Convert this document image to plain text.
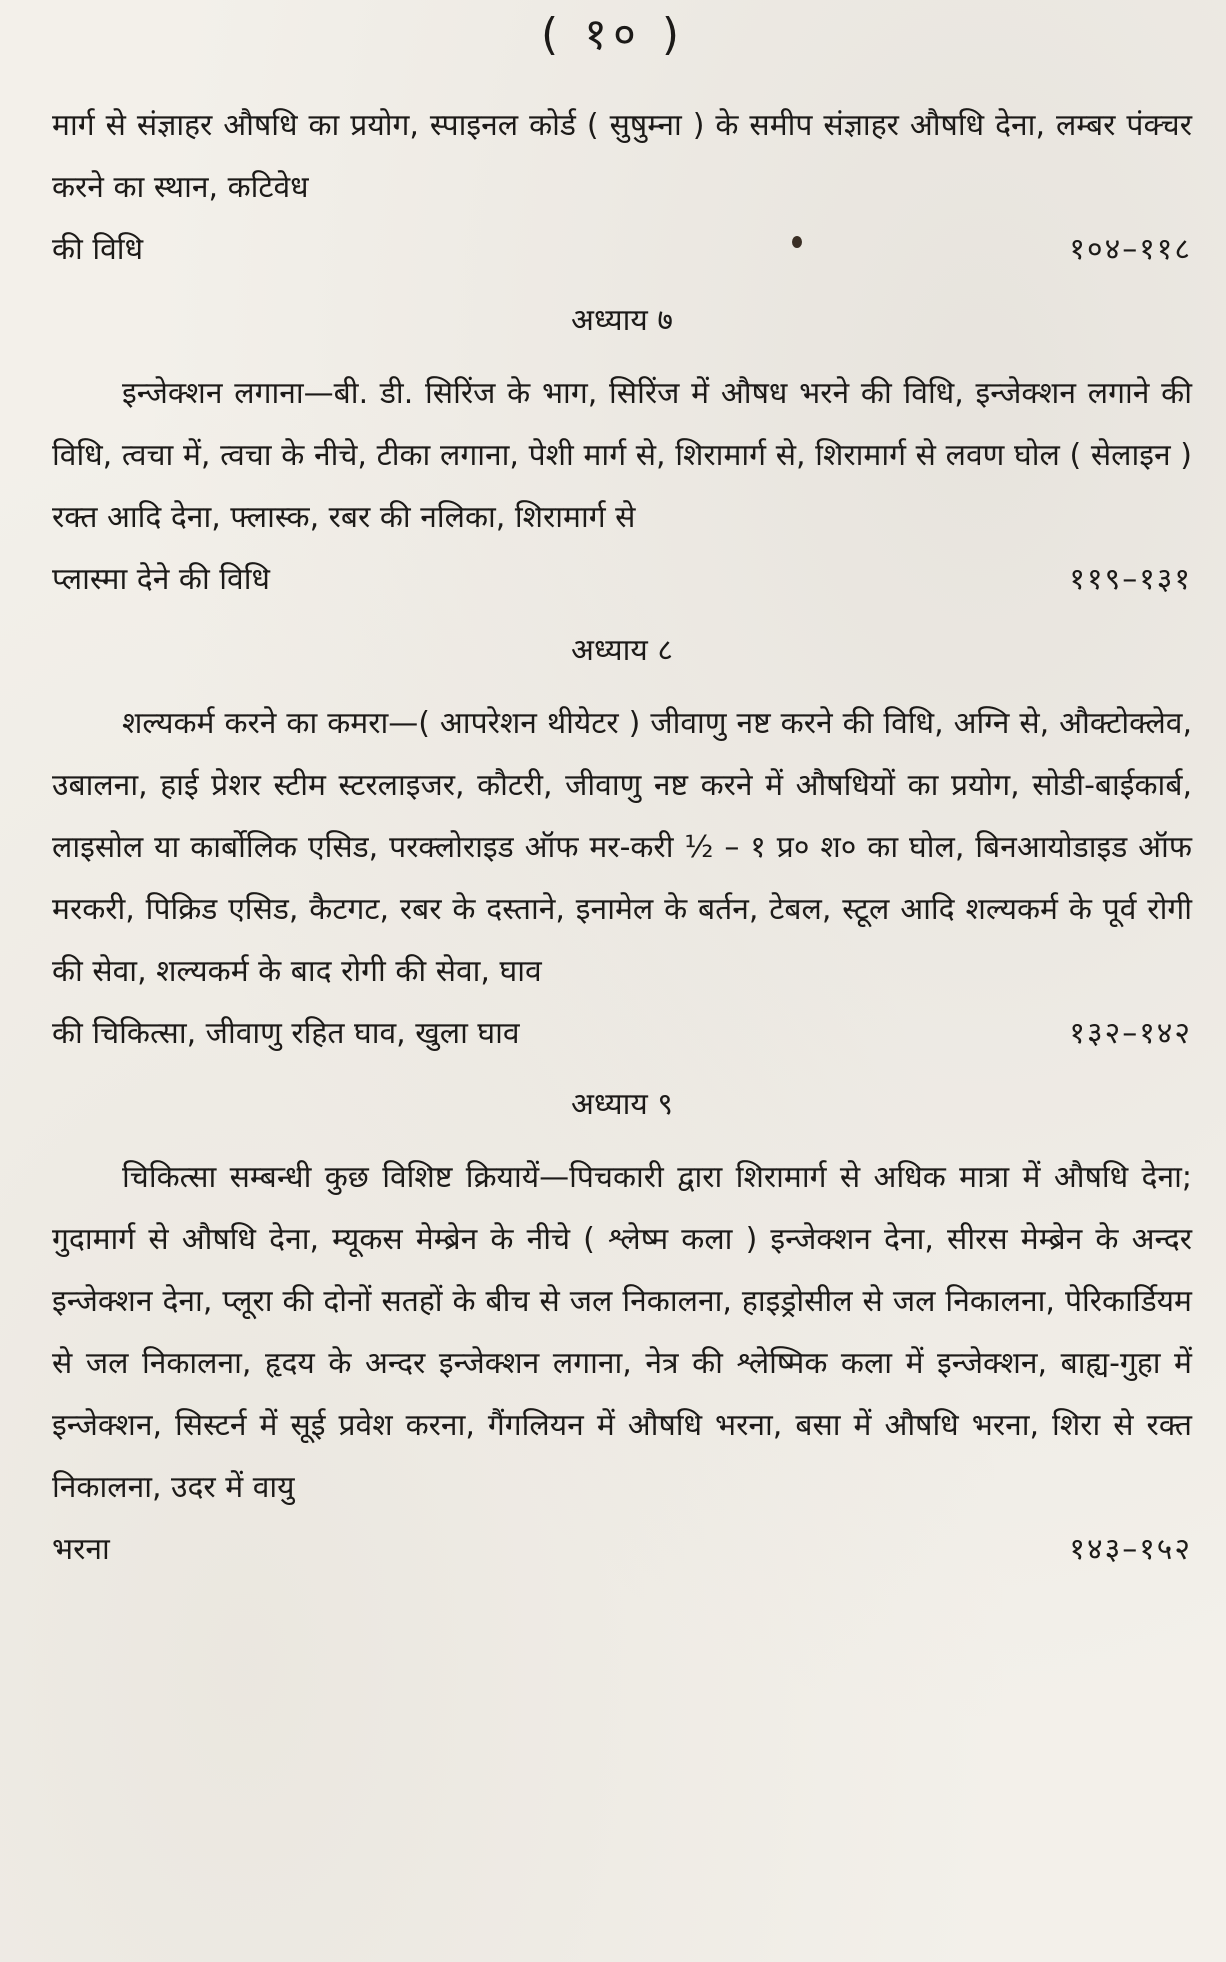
( १० )

मार्ग से संज्ञाहर औषधि का प्रयोग, स्पाइनल कोर्ड ( सुषुम्ना ) के समीप संज्ञाहर औषधि देना, लम्बर पंक्चर करने का स्थान, कटिवेध

की विधि	१०४–११८
अध्याय ७

इन्जेक्शन लगाना—बी. डी. सिरिंज के भाग, सिरिंज में औषध भरने की विधि, इन्जेक्शन लगाने की विधि, त्वचा में, त्वचा के नीचे, टीका लगाना, पेशी मार्ग से, शिरामार्ग से, शिरामार्ग से लवण घोल ( सेलाइन ) रक्त आदि देना, फ्लास्क, रबर की नलिका, शिरामार्ग से

प्लास्मा देने की विधि	११९–१३१
अध्याय ८

शल्यकर्म करने का कमरा—( आपरेशन थीयेटर ) जीवाणु नष्ट करने की विधि, अग्नि से, औक्टोक्लेव, उबालना, हाई प्रेशर स्टीम स्टरलाइजर, कौटरी, जीवाणु नष्ट करने में औषधियों का प्रयोग, सोडी-बाईकार्ब, लाइसोल या कार्बोलिक एसिड, परक्लोराइड ऑफ मर-करी ½ – १ प्र० श० का घोल, बिनआयोडाइड ऑफ मरकरी, पिक्रिड एसिड, कैटगट, रबर के दस्ताने, इनामेल के बर्तन, टेबल, स्टूल आदि शल्यकर्म के पूर्व रोगी की सेवा, शल्यकर्म के बाद रोगी की सेवा, घाव

की चिकित्सा, जीवाणु रहित घाव, खुला घाव	१३२–१४२
अध्याय ९

चिकित्सा सम्बन्धी कुछ विशिष्ट क्रियायें—पिचकारी द्वारा शिरामार्ग से अधिक मात्रा में औषधि देना; गुदामार्ग से औषधि देना, म्यूकस मेम्ब्रेन के नीचे ( श्लेष्म कला ) इन्जेक्शन देना, सीरस मेम्ब्रेन के अन्दर इन्जेक्शन देना, प्लूरा की दोनों सतहों के बीच से जल निकालना, हाइड्रोसील से जल निकालना, पेरिकार्डियम से जल निकालना, हृदय के अन्दर इन्जेक्शन लगाना, नेत्र की श्लेष्मिक कला में इन्जेक्शन, बाह्य-गुहा में इन्जेक्शन, सिस्टर्न में सूई प्रवेश करना, गैंगलियन में औषधि भरना, बसा में औषधि भरना, शिरा से रक्त निकालना, उदर में वायु

भरना	१४३–१५२
